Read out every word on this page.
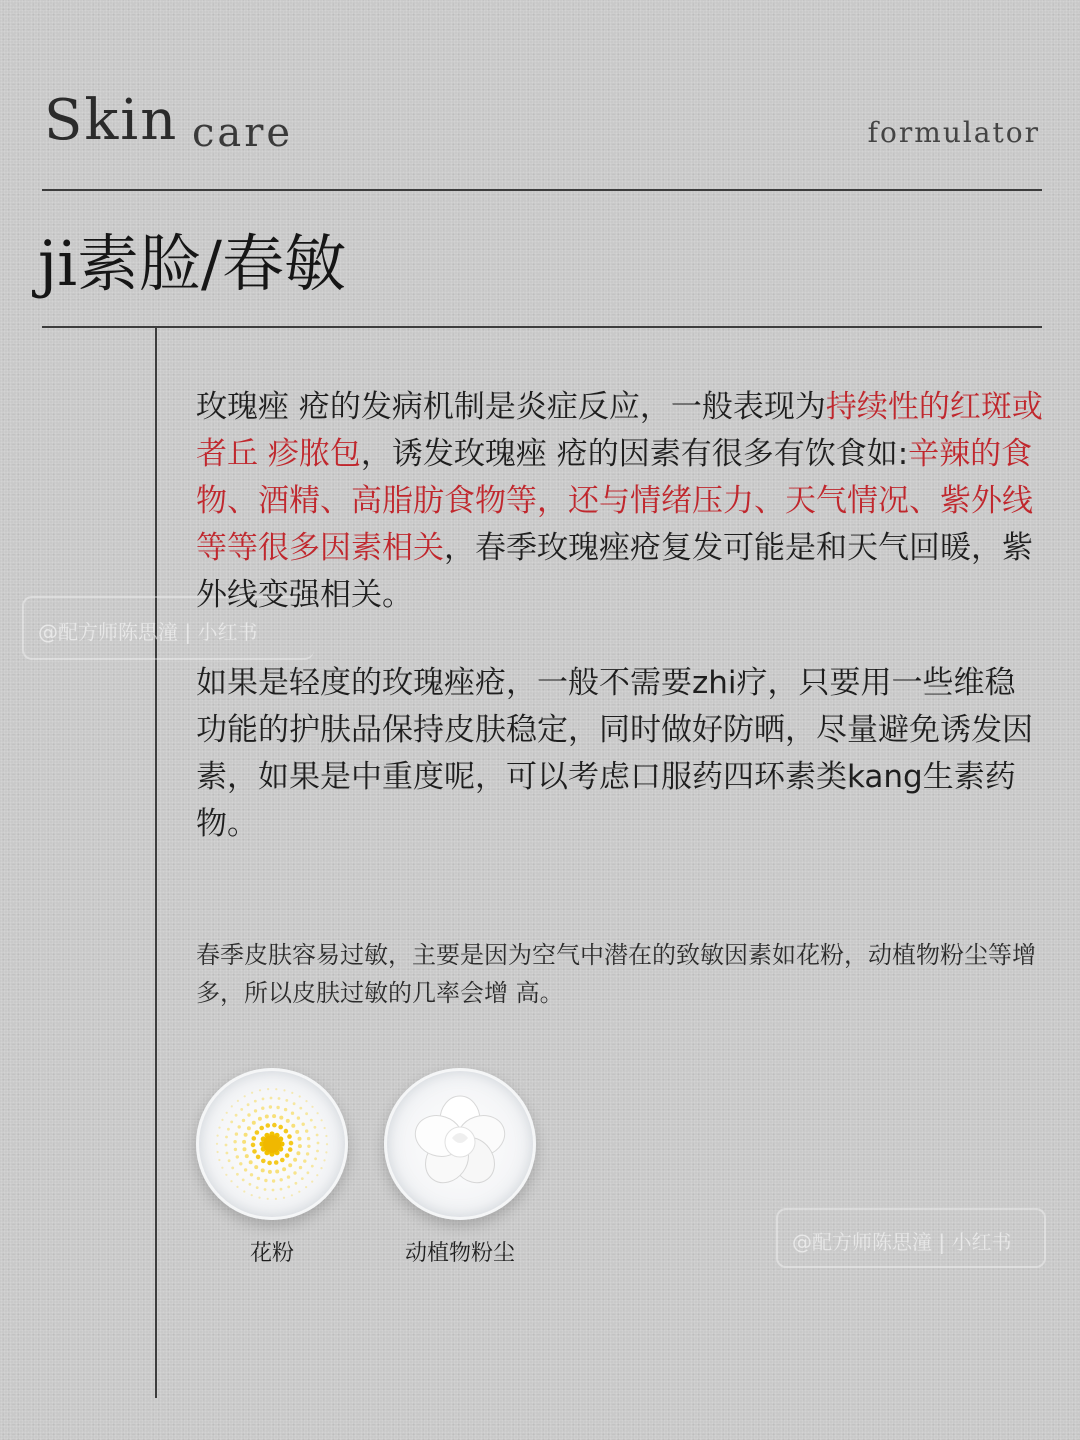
Skin care	formulator
ji素脸/春敏
@配方师陈思潼 | 小红书
玫瑰痤 疮的发病机制是炎症反应，一般表现为持续性的红斑或者丘 疹脓包，诱发玫瑰痤 疮的因素有很多有饮食如:辛辣的食物、酒精、高脂肪食物等，还与情绪压力、天气情况、紫外线等等很多因素相关，春季玫瑰痤疮复发可能是和天气回暖，紫外线变强相关。
如果是轻度的玫瑰痤疮，一般不需要zhi疗，只要用一些维稳功能的护肤品保持皮肤稳定，同时做好防晒，尽量避免诱发因素，如果是中重度呢，可以考虑口服药四环素类kang生素药物。
春季皮肤容易过敏，主要是因为空气中潜在的致敏因素如花粉，动植物粉尘等增多，所以皮肤过敏的几率会增 高。
花粉	动植物粉尘	@配方师陈思潼 | 小红书
